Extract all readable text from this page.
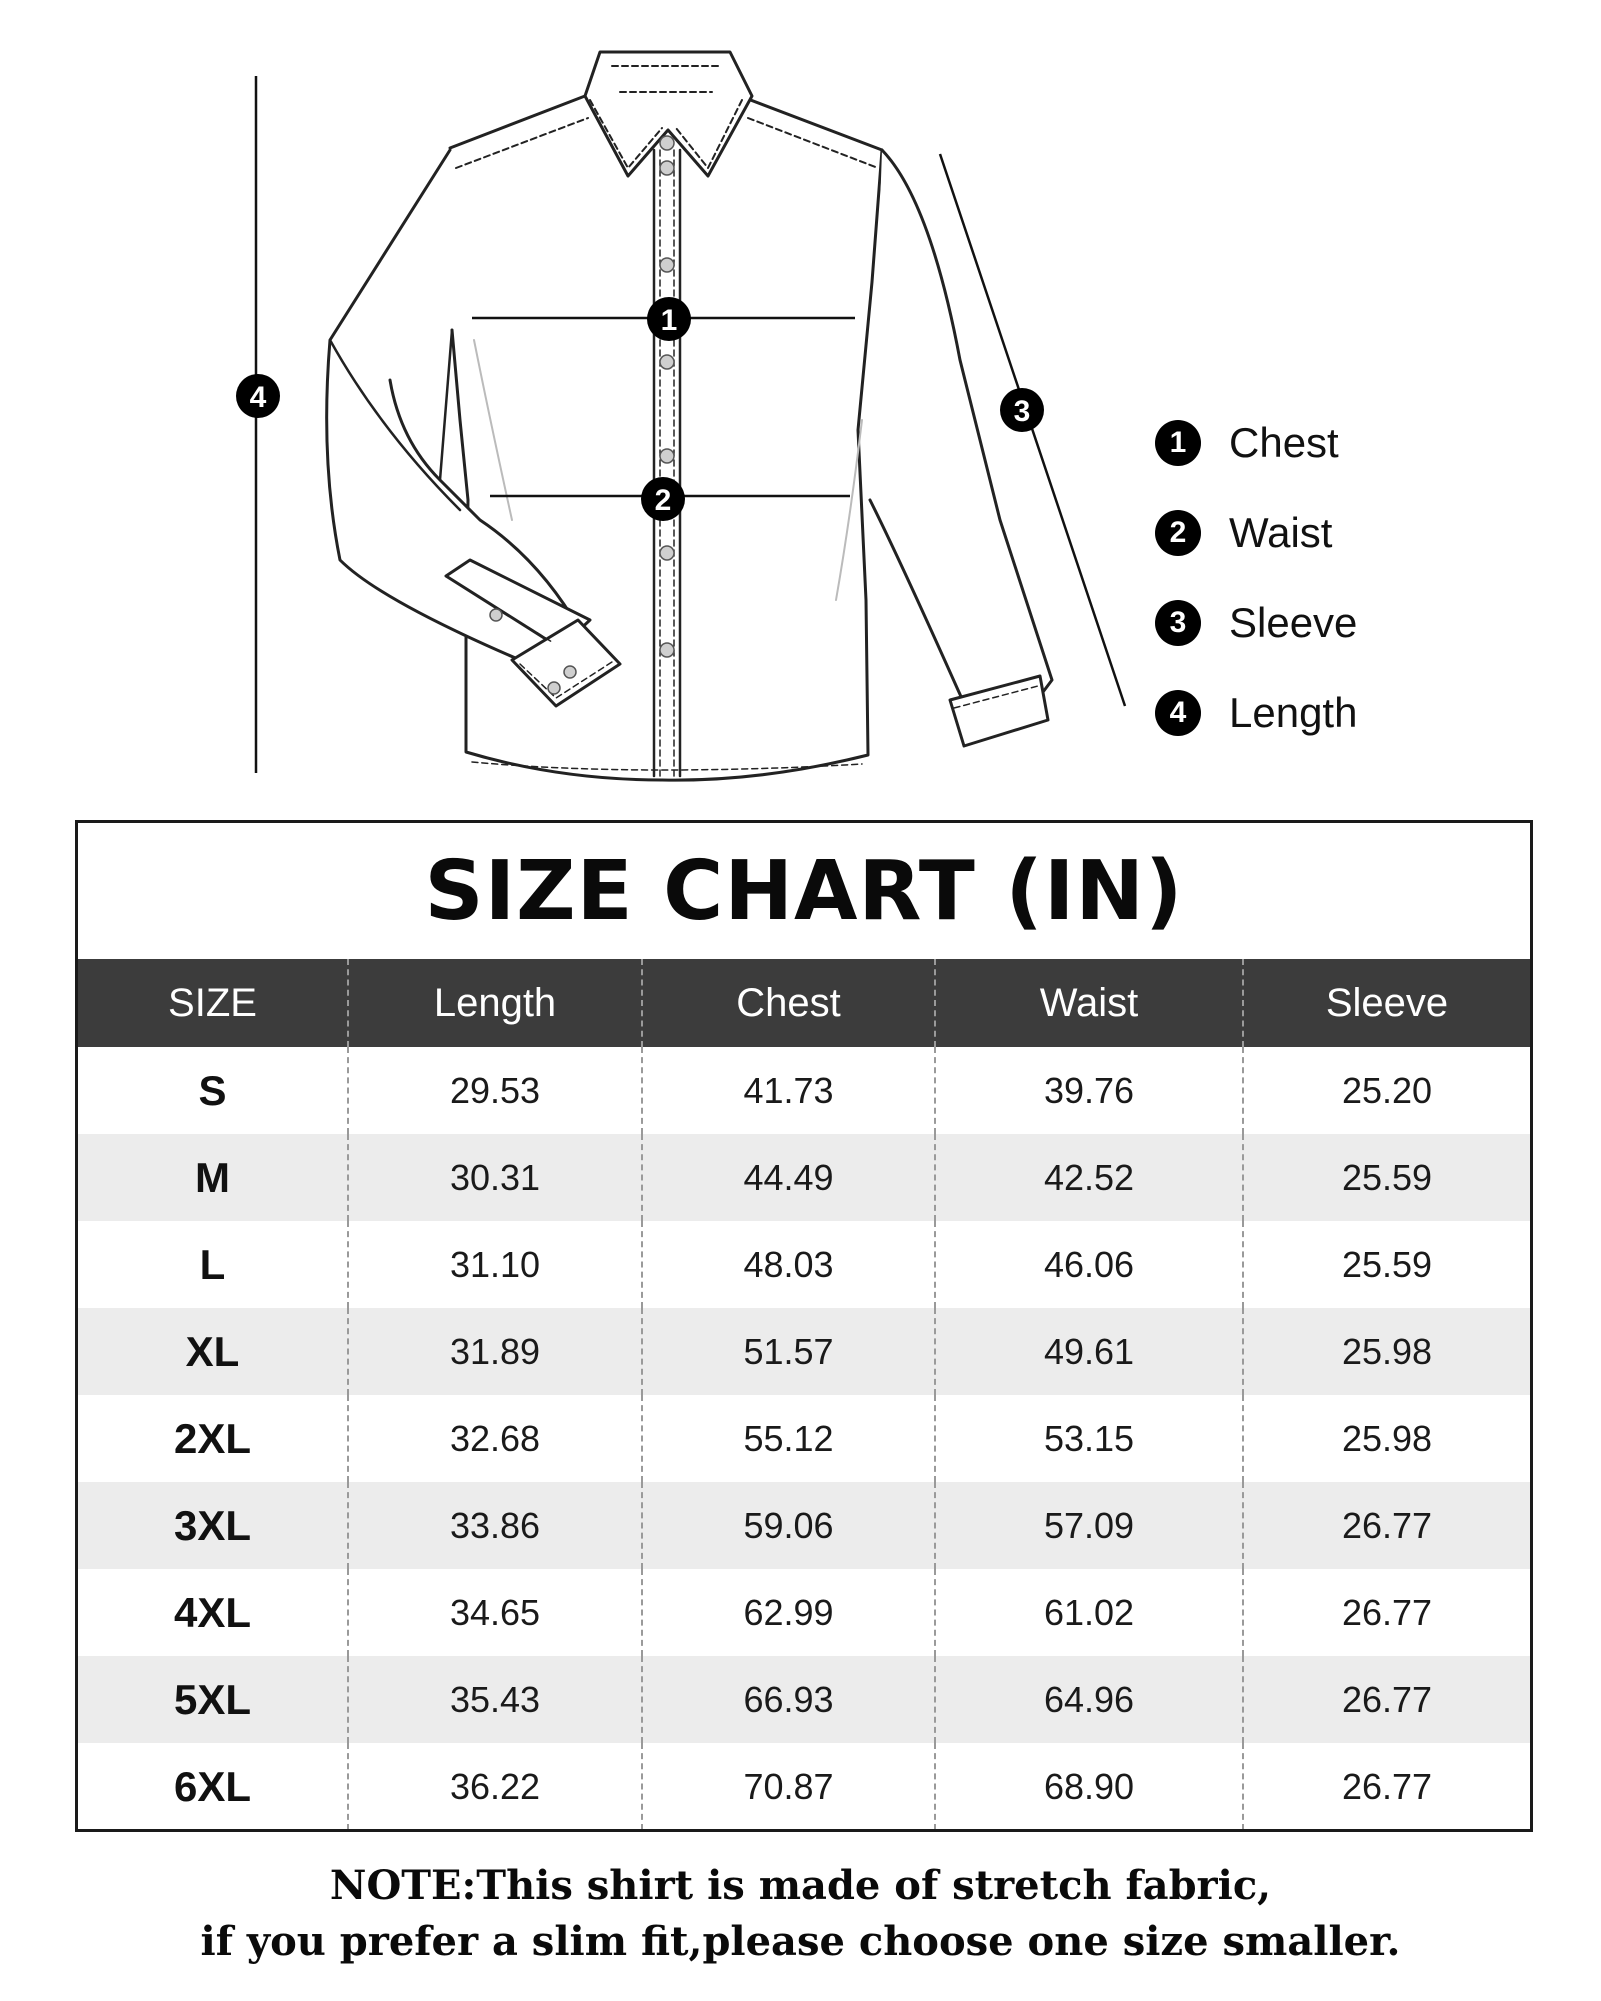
1
2
3
4
1	Chest
2	Waist
3	Sleeve
4	Length
SIZE CHART (IN)
SIZE	Length	Chest	Waist	Sleeve
S	29.53	41.73	39.76	25.20
M	30.31	44.49	42.52	25.59
L	31.10	48.03	46.06	25.59
XL	31.89	51.57	49.61	25.98
2XL	32.68	55.12	53.15	25.98
3XL	33.86	59.06	57.09	26.77
4XL	34.65	62.99	61.02	26.77
5XL	35.43	66.93	64.96	26.77
6XL	36.22	70.87	68.90	26.77
NOTE:This shirt is made of stretch fabric,
if you prefer a slim fit,please choose one size smaller.
